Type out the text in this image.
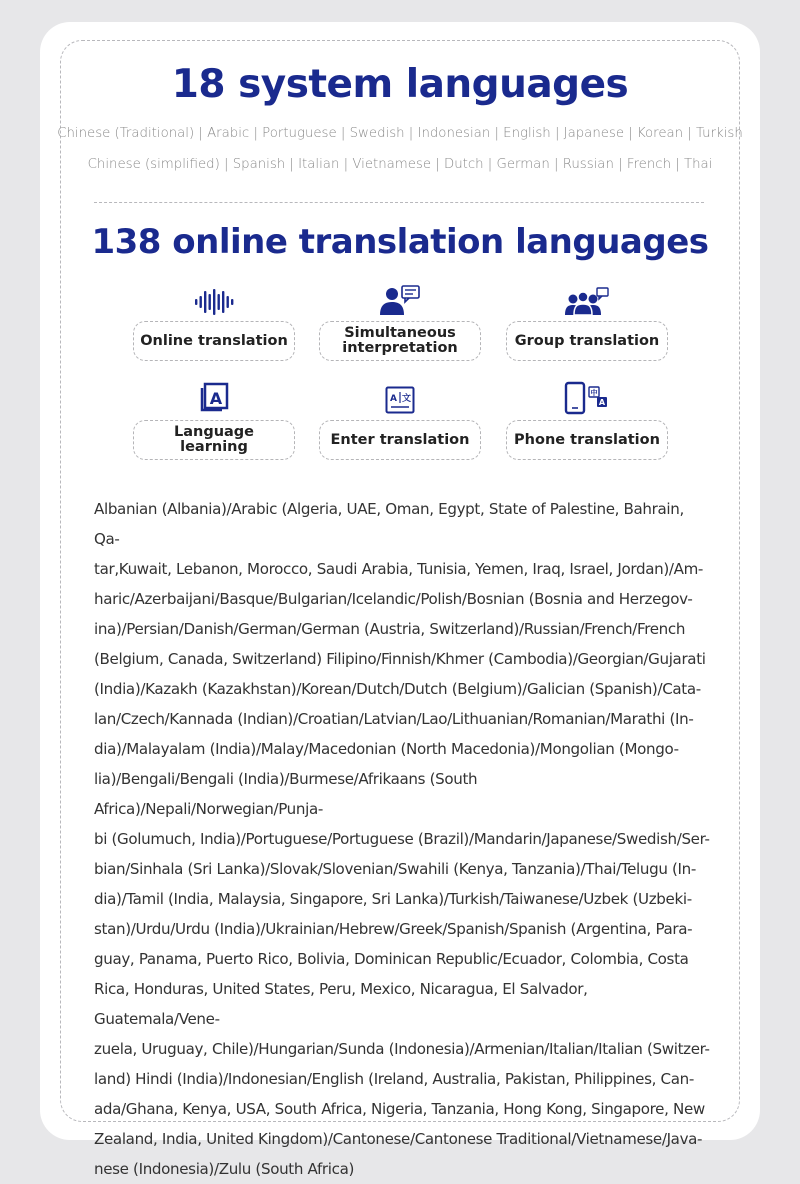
18 system languages
Chinese (Traditional) | Arabic | Portuguese | Swedish | Indonesian | English | Japanese | Korean | Turkish
Chinese (simplified) | Spanish | Italian | Vietnamese | Dutch | German | Russian | French | Thai
138 online translation languages
Online translation	Simultaneous interpretation	Group translation
A
Language learning
A 文
Enter translation
中
A
Phone translation
Albanian (Albania)/Arabic (Algeria, UAE, Oman, Egypt, State of Palestine, Bahrain, Qa-
tar,Kuwait, Lebanon, Morocco, Saudi Arabia, Tunisia, Yemen, Iraq, Israel, Jordan)/Am-
haric/Azerbaijani/Basque/Bulgarian/Icelandic/Polish/Bosnian (Bosnia and Herzegov-
ina)/Persian/Danish/German/German (Austria, Switzerland)/Russian/French/French
(Belgium, Canada, Switzerland) Filipino/Finnish/Khmer (Cambodia)/Georgian/Gujarati
(India)/Kazakh (Kazakhstan)/Korean/Dutch/Dutch (Belgium)/Galician (Spanish)/Cata-
lan/Czech/Kannada (Indian)/Croatian/Latvian/Lao/Lithuanian/Romanian/Marathi (In-
dia)/Malayalam (India)/Malay/Macedonian (North Macedonia)/Mongolian (Mongo-
lia)/Bengali/Bengali (India)/Burmese/Afrikaans (South Africa)/Nepali/Norwegian/Punja-
bi (Golumuch, India)/Portuguese/Portuguese (Brazil)/Mandarin/Japanese/Swedish/Ser-
bian/Sinhala (Sri Lanka)/Slovak/Slovenian/Swahili (Kenya, Tanzania)/Thai/Telugu (In-
dia)/Tamil (India, Malaysia, Singapore, Sri Lanka)/Turkish/Taiwanese/Uzbek (Uzbeki-
stan)/Urdu/Urdu (India)/Ukrainian/Hebrew/Greek/Spanish/Spanish (Argentina, Para-
guay, Panama, Puerto Rico, Bolivia, Dominican Republic/Ecuador, Colombia, Costa
Rica, Honduras, United States, Peru, Mexico, Nicaragua, El Salvador, Guatemala/Vene-
zuela, Uruguay, Chile)/Hungarian/Sunda (Indonesia)/Armenian/Italian/Italian (Switzer-
land) Hindi (India)/Indonesian/English (Ireland, Australia, Pakistan, Philippines, Can-
ada/Ghana, Kenya, USA, South Africa, Nigeria, Tanzania, Hong Kong, Singapore, New
Zealand, India, United Kingdom)/Cantonese/Cantonese Traditional/Vietnamese/Java-
nese (Indonesia)/Zulu (South Africa)
